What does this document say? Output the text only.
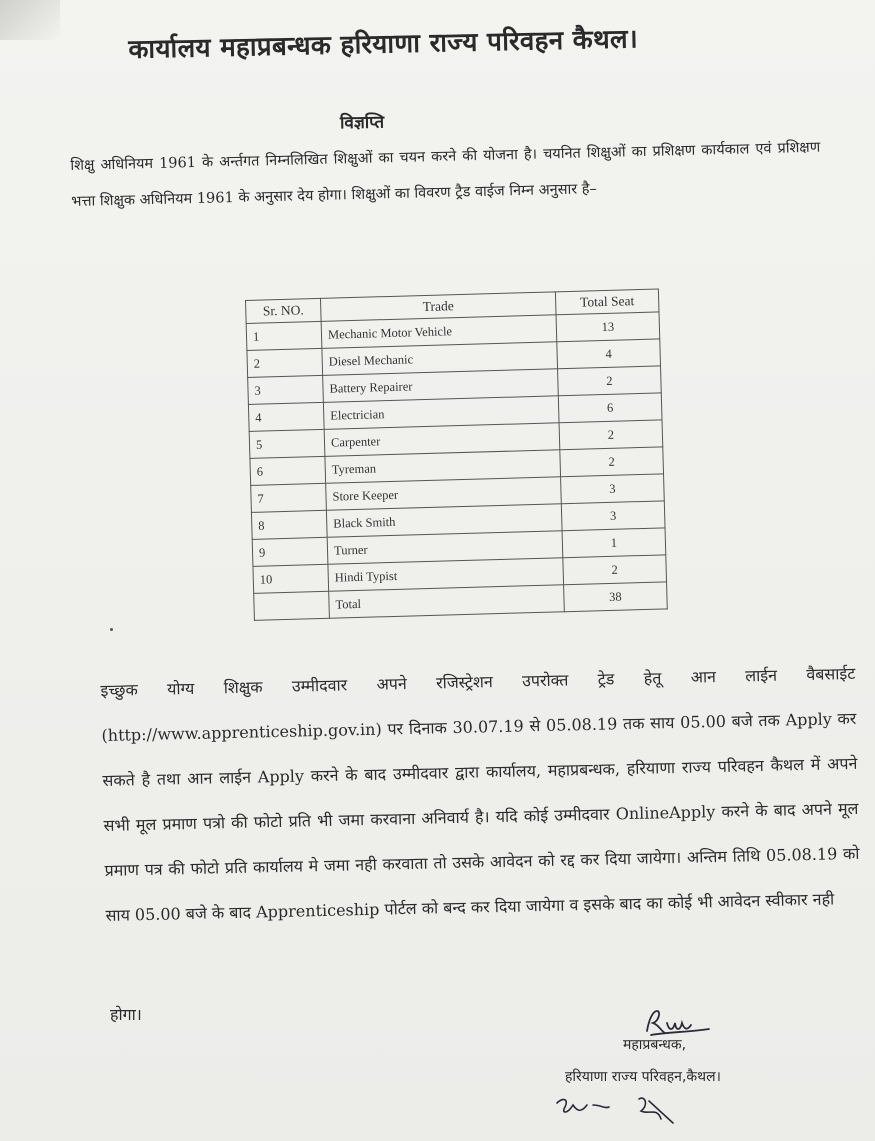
कार्यालय महाप्रबन्धक हरियाणा राज्य परिवहन कैथल।
विज्ञप्ति
शिक्षु अधिनियम 1961 के अर्न्तगत निम्नलिखित शिक्षुओं का चयन करने की योजना है। चयनित शिक्षुओं का प्रशिक्षण कार्यकाल एवं प्रशिक्षण भत्ता शिक्षुक अधिनियम 1961 के अनुसार देय होगा। शिक्षुओं का विवरण ट्रैड वाईज निम्न अनुसार है–
Sr. NO.	Trade	Total Seat
1	Mechanic Motor Vehicle	13
2	Diesel Mechanic	4
3	Battery Repairer	2
4	Electrician	6
5	Carpenter	2
6	Tyreman	2
7	Store Keeper	3
8	Black Smith	3
9	Turner	1
10	Hindi Typist	2
	Total	38
इच्छुक योग्य शिक्षुक उम्मीदवार अपने रजिस्ट्रेशन उपरोक्त ट्रेड हेतू आन लाईन वैबसाईट (http://www.apprenticeship.gov.in) पर दिनाक 30.07.19 से 05.08.19 तक साय 05.00 बजे तक Apply कर सकते है तथा आन लाईन Apply करने के बाद उम्मीदवार द्वारा कार्यालय, महाप्रबन्धक, हरियाणा राज्य परिवहन कैथल में अपने सभी मूल प्रमाण पत्रो की फोटो प्रति भी जमा करवाना अनिवार्य है। यदि कोई उम्मीदवार OnlineApply करने के बाद अपने मूल प्रमाण पत्र की फोटो प्रति कार्यालय मे जमा नही करवाता तो उसके आवेदन को रद्द कर दिया जायेगा। अन्तिम तिथि 05.08.19 को साय 05.00 बजे के बाद Apprenticeship पोर्टल को बन्द कर दिया जायेगा व इसके बाद का कोई भी आवेदन स्वीकार नही
होगा।
महाप्रबन्धक,
हरियाणा राज्य परिवहन,कैथल।
